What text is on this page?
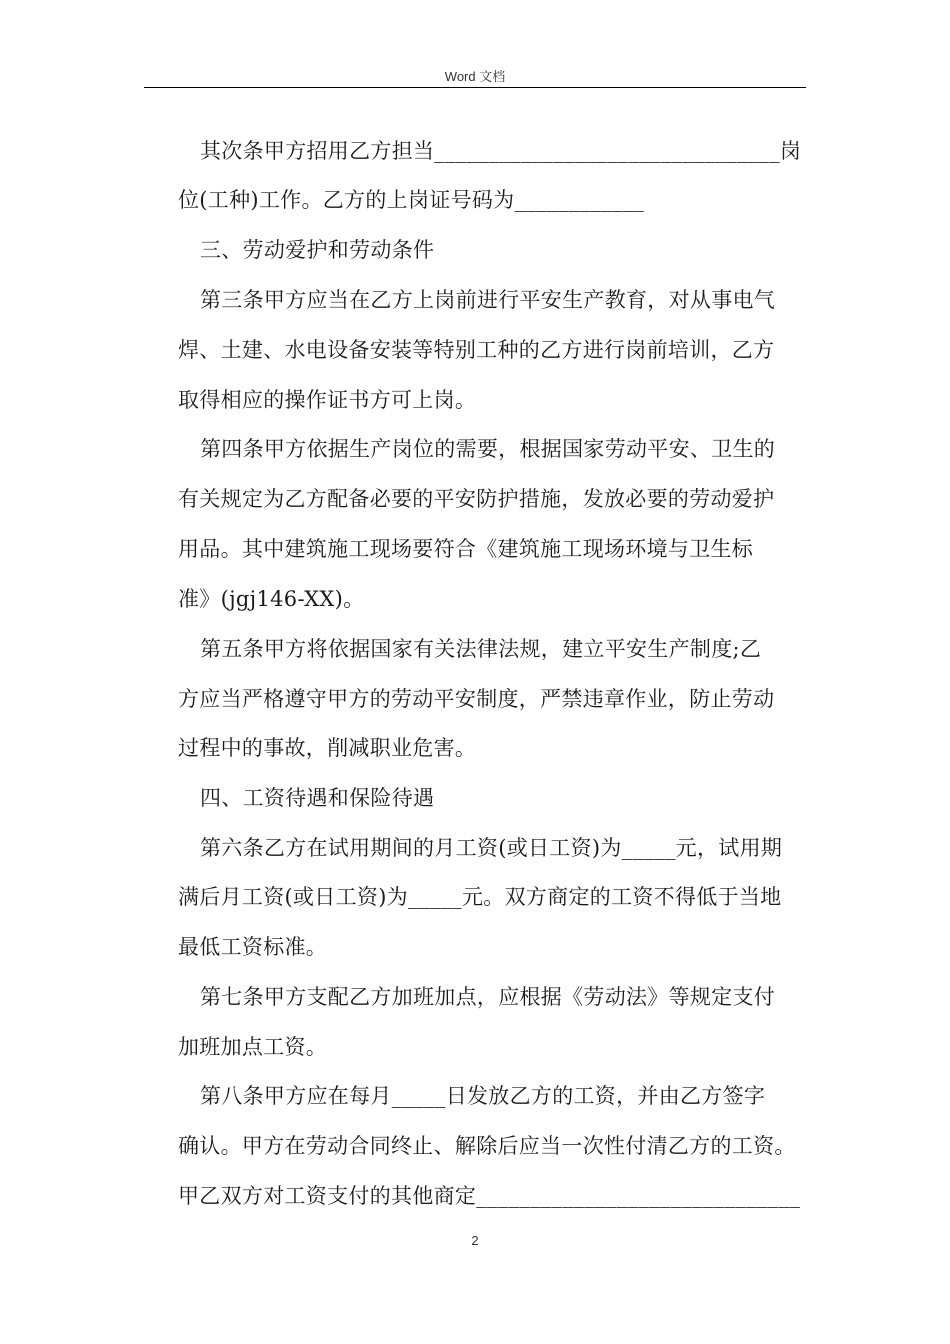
Word 文档
其次条甲方招用乙方担当________________________________岗
位(工种)工作。乙方的上岗证号码为____________
三、劳动爱护和劳动条件
第三条甲方应当在乙方上岗前进行平安生产教育，对从事电气
焊、土建、水电设备安装等特别工种的乙方进行岗前培训，乙方
取得相应的操作证书方可上岗。
第四条甲方依据生产岗位的需要，根据国家劳动平安、卫生的
有关规定为乙方配备必要的平安防护措施，发放必要的劳动爱护
用品。其中建筑施工现场要符合《建筑施工现场环境与卫生标
准》(jgj146-XX)。
第五条甲方将依据国家有关法律法规，建立平安生产制度;乙
方应当严格遵守甲方的劳动平安制度，严禁违章作业，防止劳动
过程中的事故，削减职业危害。
四、工资待遇和保险待遇
第六条乙方在试用期间的月工资(或日工资)为_____元，试用期
满后月工资(或日工资)为_____元。双方商定的工资不得低于当地
最低工资标准。
第七条甲方支配乙方加班加点，应根据《劳动法》等规定支付
加班加点工资。
第八条甲方应在每月_____日发放乙方的工资，并由乙方签字
确认。甲方在劳动合同终止、解除后应当一次性付清乙方的工资。
甲乙双方对工资支付的其他商定______________________________
2
